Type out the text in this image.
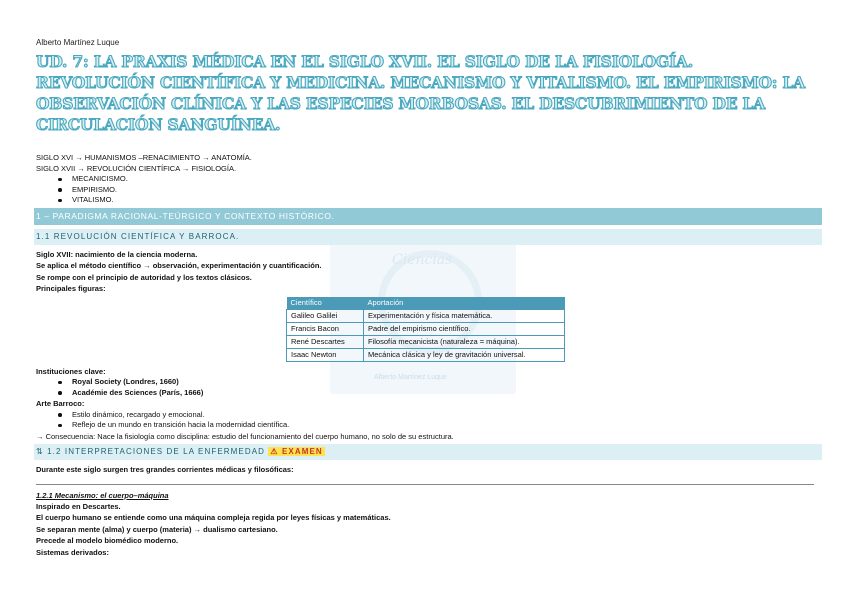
Ciencias
Alberto Martínez Luque

Alberto Martínez Luque

UD. 7: LA PRAXIS MÉDICA EN EL SIGLO XVII. EL SIGLO DE LA FISIOLOGÍA. REVOLUCIÓN CIENTÍFICA Y MEDICINA. MECANISMO Y VITALISMO. EL EMPIRISMO: LA OBSERVACIÓN CLÍNICA Y LAS ESPECIES MORBOSAS. EL DESCUBRIMIENTO DE LA CIRCULACIÓN SANGUÍNEA.

SIGLO XVI → HUMANISMOS –RENACIMIENTO → ANATOMÍA.

SIGLO XVII → REVOLUCIÓN CIENTÍFICA → FISIOLOGÍA.

MECANICISMO.
EMPIRISMO.
VITALISMO.
1 – PARADIGMA RACIONAL-TEÚRGICO Y CONTEXTO HISTÓRICO.
1.1 REVOLUCIÓN CIENTÍFICA Y BARROCA.

Siglo XVII: nacimiento de la ciencia moderna.

Se aplica el método científico → observación, experimentación y cuantificación.

Se rompe con el principio de autoridad y los textos clásicos.

Principales figuras:

Científico	Aportación
Galileo Galilei	Experimentación y física matemática.
Francis Bacon	Padre del empirismo científico.
René Descartes	Filosofía mecanicista (naturaleza = máquina).
Isaac Newton	Mecánica clásica y ley de gravitación universal.

Instituciones clave:

Royal Society (Londres, 1660)
Académie des Sciences (París, 1666)

Arte Barroco:

Estilo dinámico, recargado y emocional.
Reflejo de un mundo en transición hacia la modernidad científica.

→ Consecuencia: Nace la fisiología como disciplina: estudio del funcionamiento del cuerpo humano, no solo de su estructura.

⇅ 1.2 INTERPRETACIONES DE LA ENFERMEDAD ⚠ EXAMEN

Durante este siglo surgen tres grandes corrientes médicas y filosóficas:

1.2.1 Mecanismo: el cuerpo–máquina

Inspirado en Descartes.

El cuerpo humano se entiende como una máquina compleja regida por leyes físicas y matemáticas.

Se separan mente (alma) y cuerpo (materia) → dualismo cartesiano.

Precede al modelo biomédico moderno.

Sistemas derivados:
